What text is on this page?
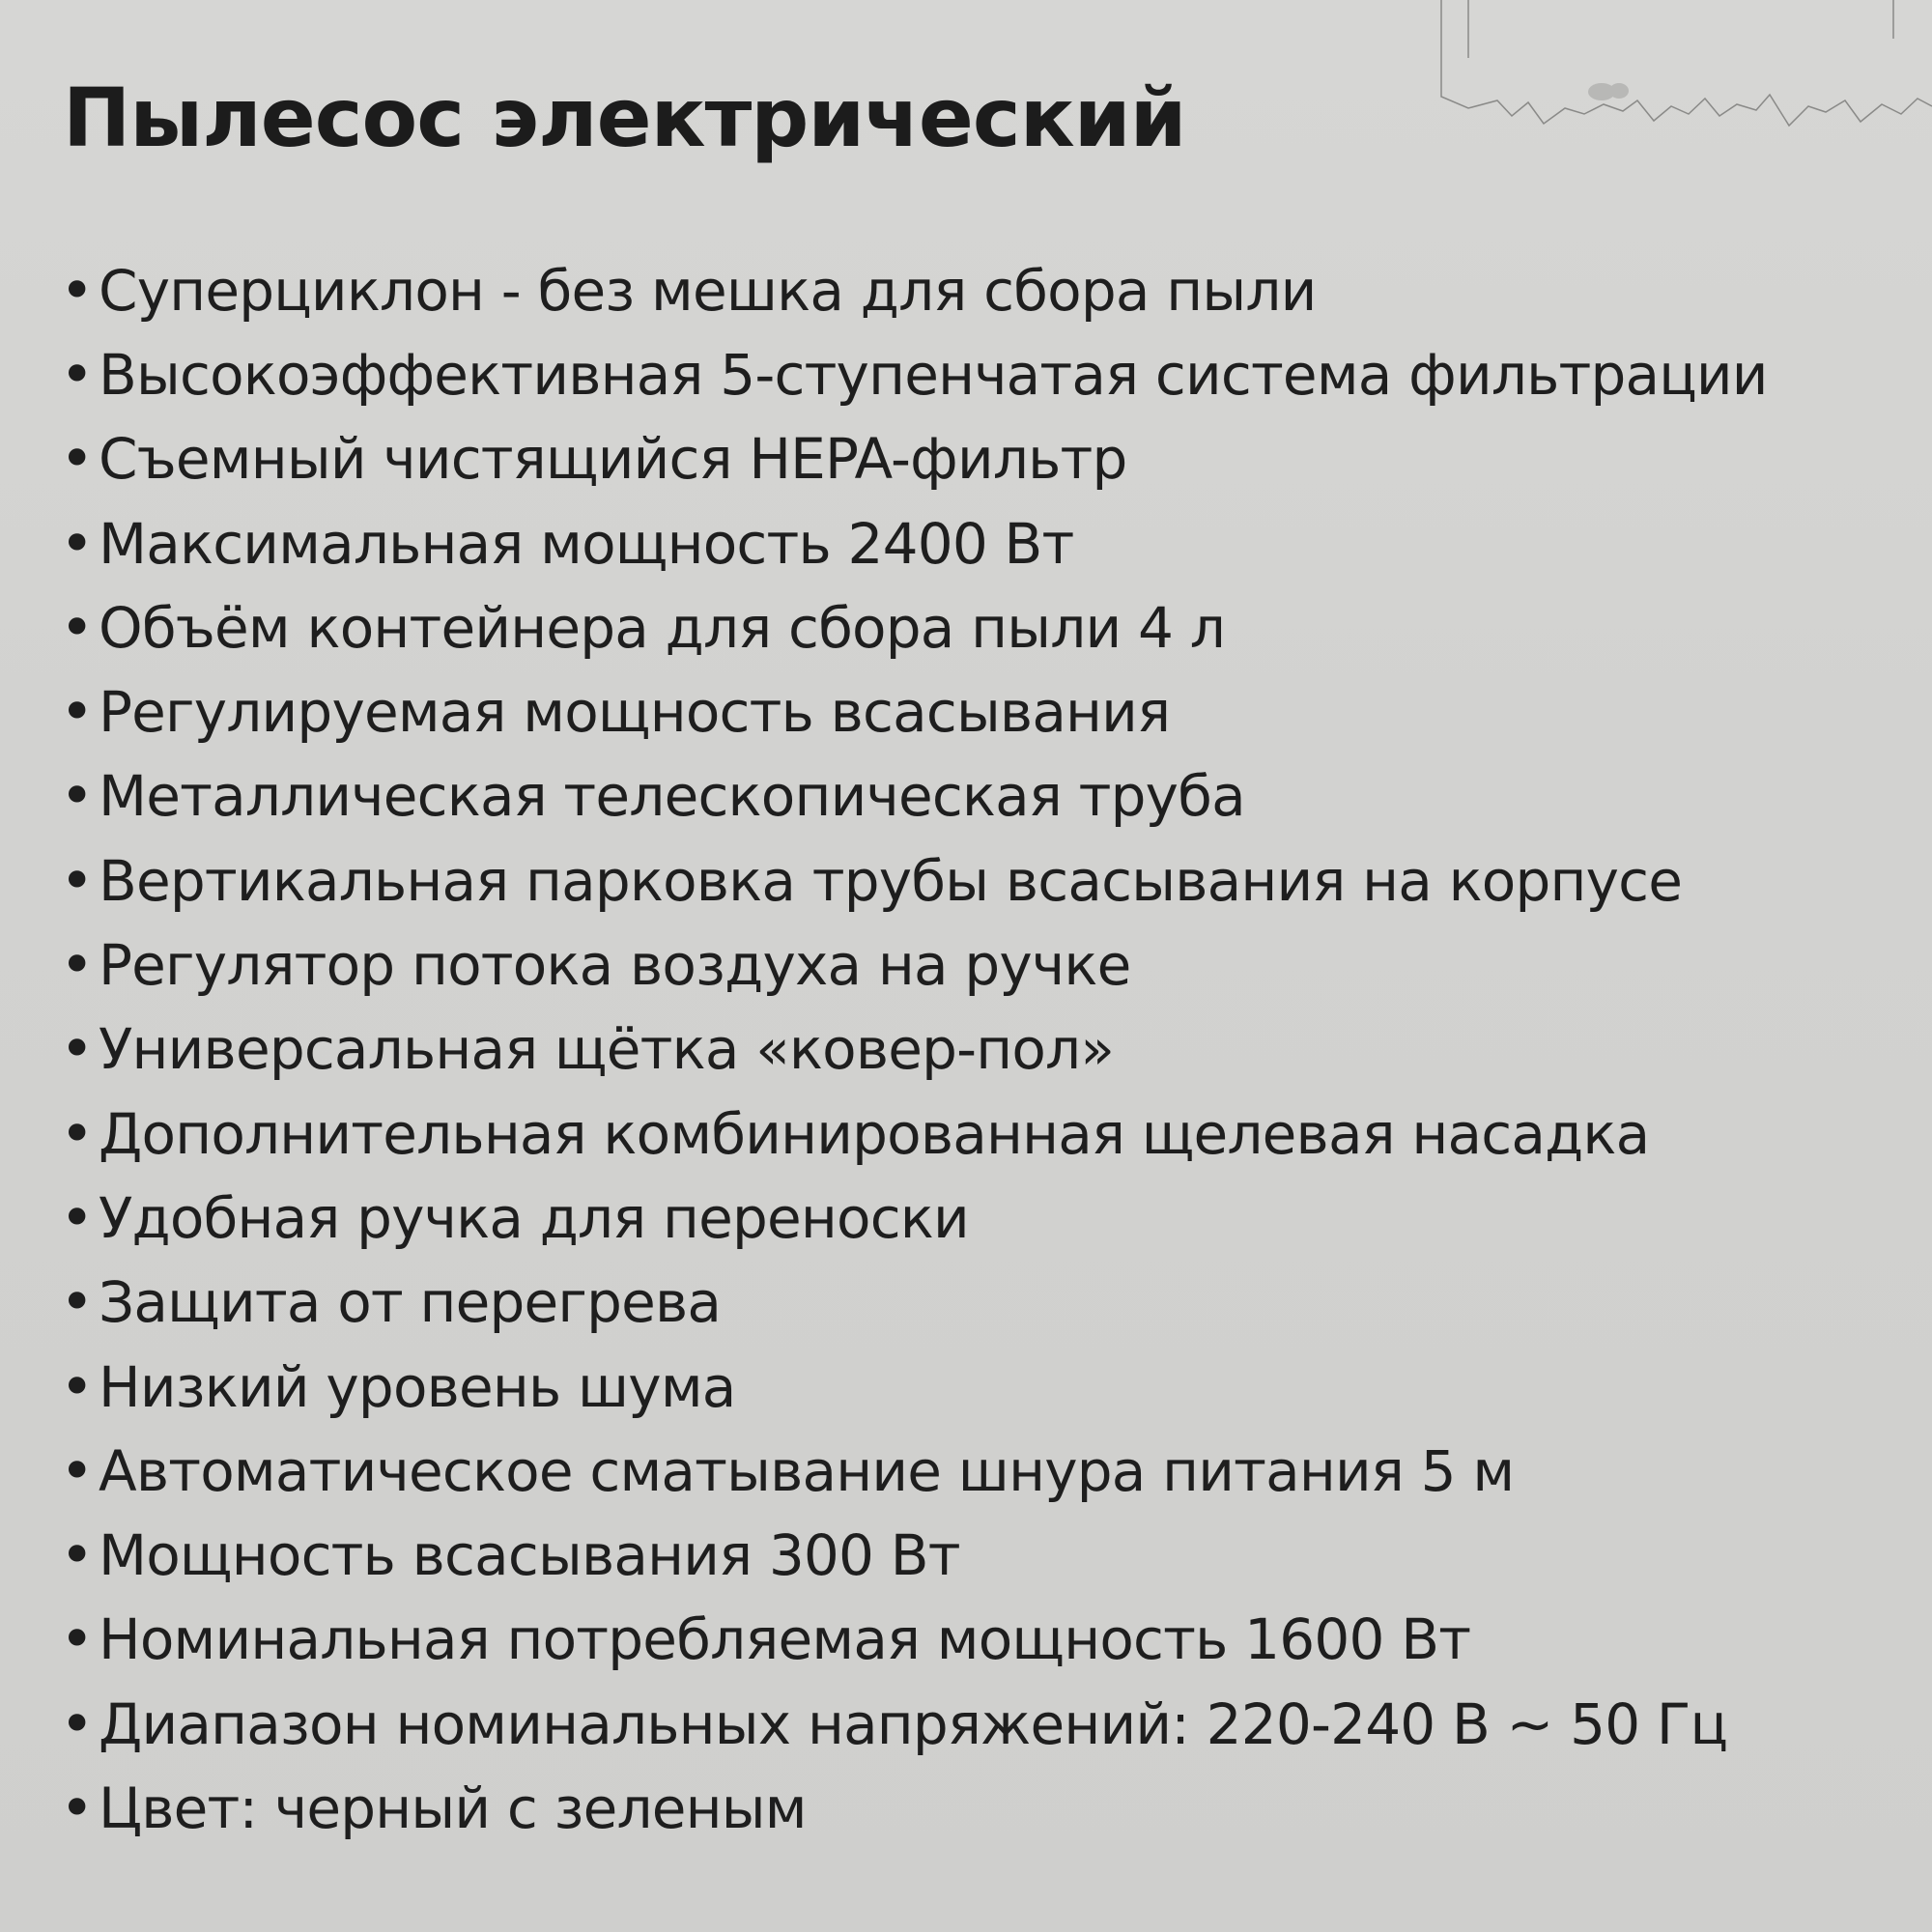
Пылесос электрический
• Суперциклон - без мешка для сбора пыли
• Высокоэффективная 5-ступенчатая система фильтрации
• Съемный чистящийся HEPA-фильтр
• Максимальная мощность 2400 Вт
• Объём контейнера для сбора пыли 4 л
• Регулируемая мощность всасывания
• Металлическая телескопическая труба
• Вертикальная парковка трубы всасывания на корпусе
• Регулятор потока воздуха на ручке
• Универсальная щётка «ковер-пол»
• Дополнительная комбинированная щелевая насадка
• Удобная ручка для переноски
• Защита от перегрева
• Низкий уровень шума
• Автоматическое сматывание шнура питания 5 м
• Мощность всасывания 300 Вт
• Номинальная потребляемая мощность 1600 Вт
• Диапазон номинальных напряжений: 220-240 В ~ 50 Гц
• Цвет: черный с зеленым
